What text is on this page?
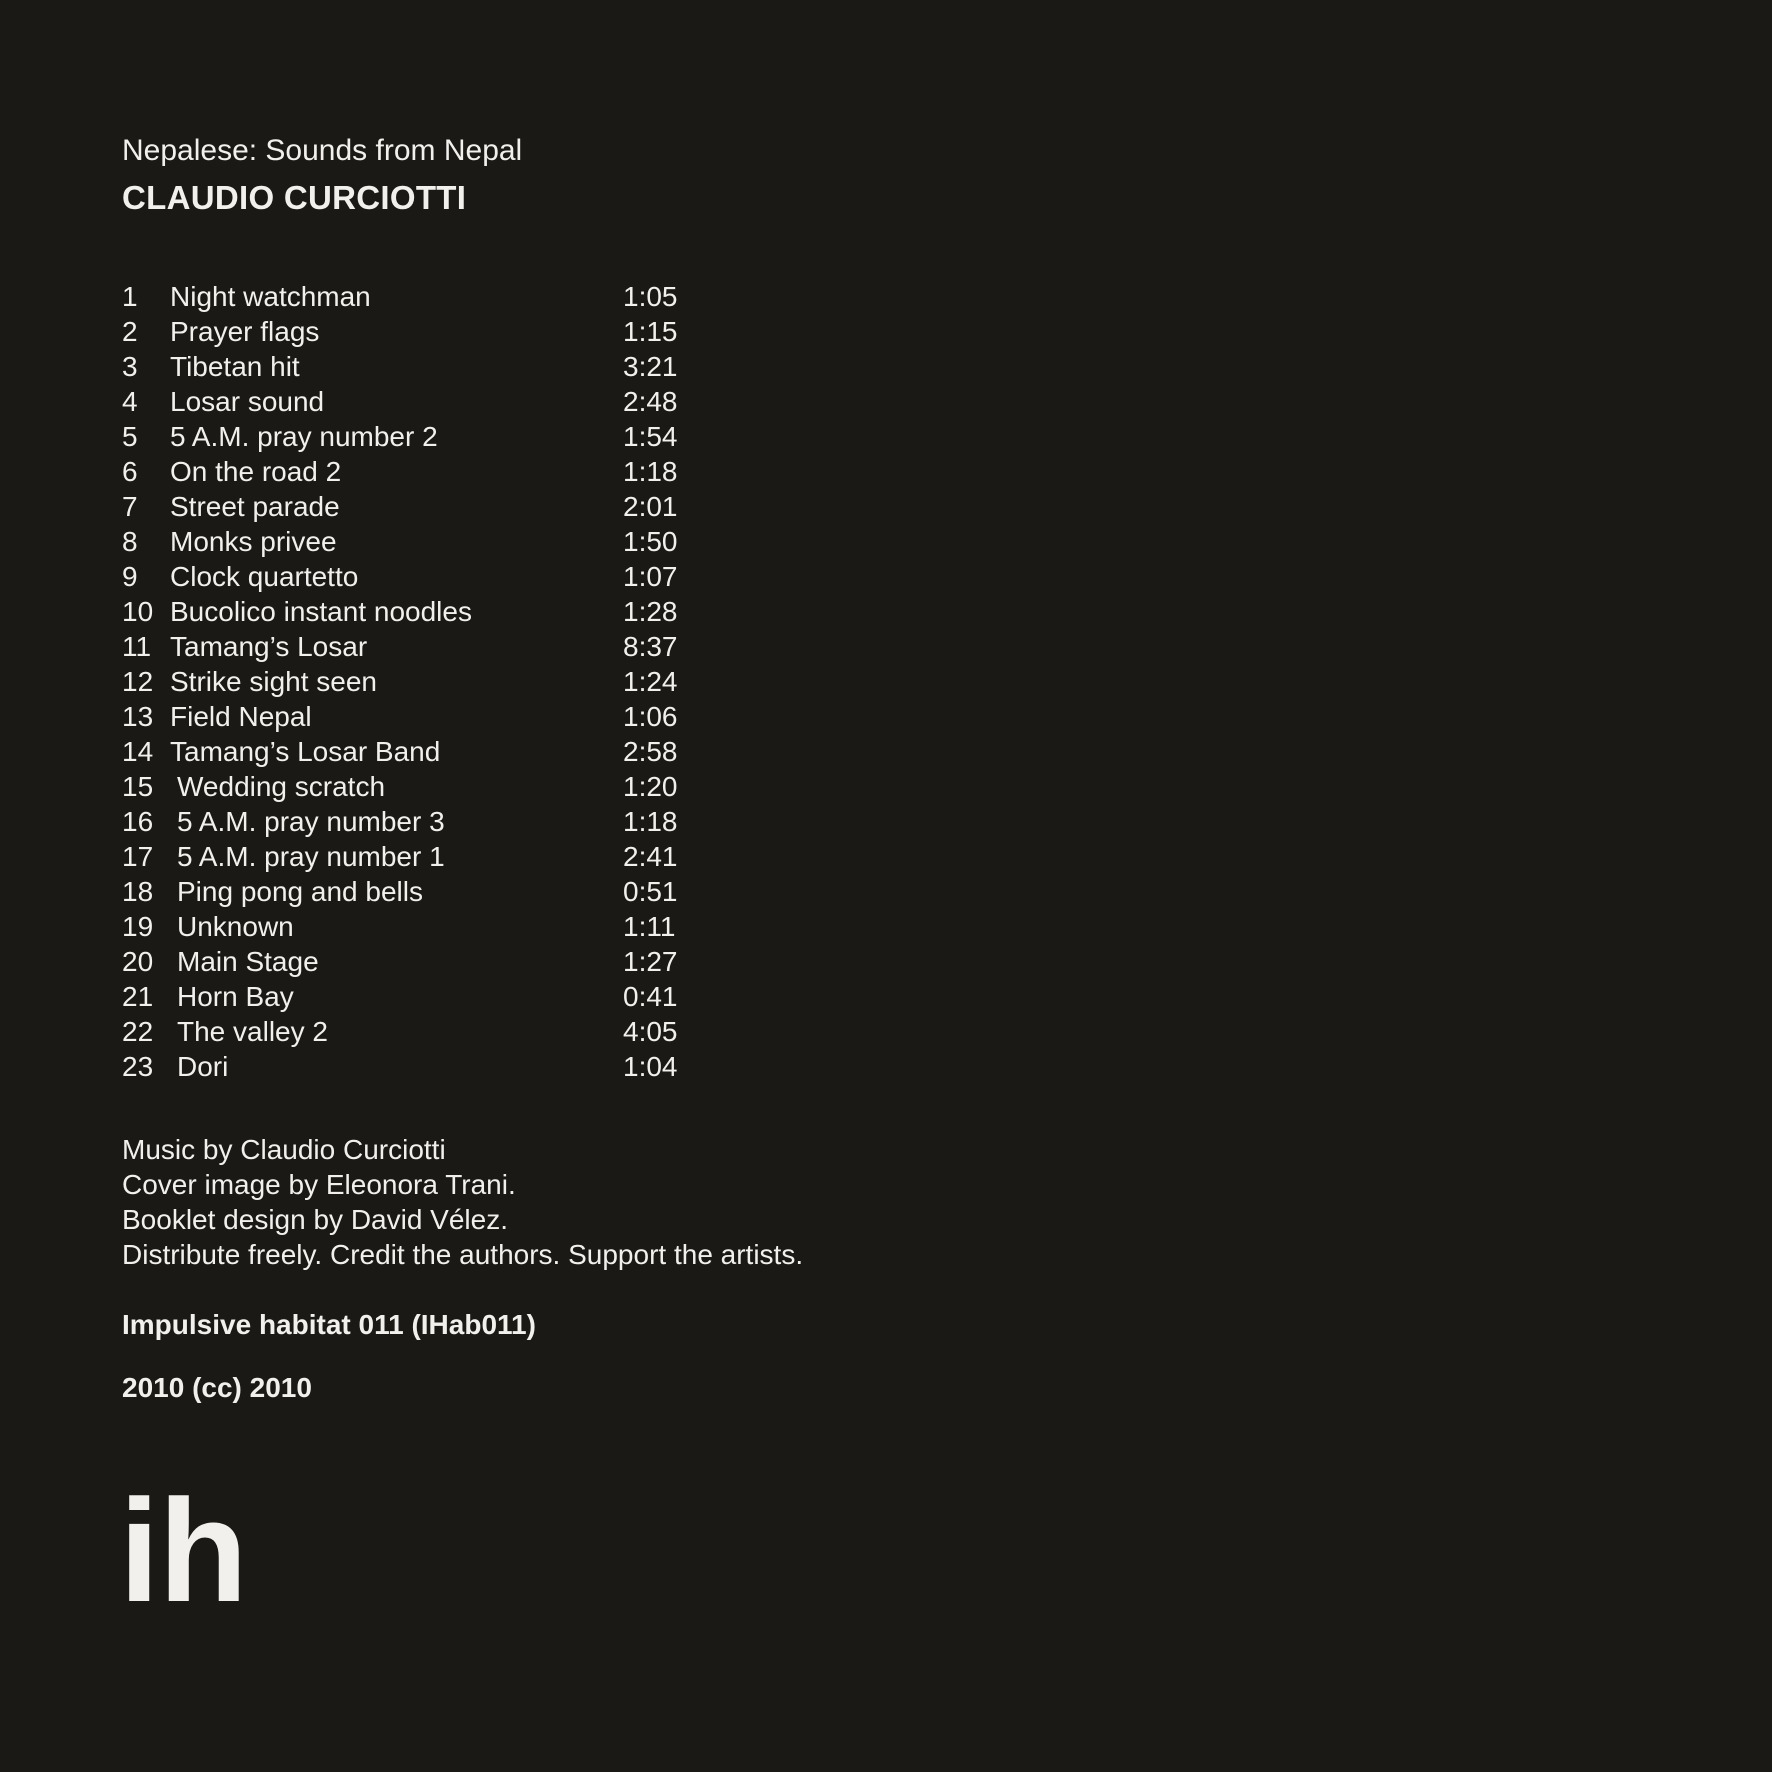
Nepalese: Sounds from Nepal
CLAUDIO CURCIOTTI
1 Night watchman	1:05
2 Prayer flags	1:15
3 Tibetan hit	3:21
4 Losar sound	2:48
5 5 A.M. pray number 2	1:54
6 On the road 2	1:18
7 Street parade	2:01
8 Monks privee	1:50
9 Clock quartetto	1:07
10 Bucolico instant noodles	1:28
11 Tamang’s Losar	8:37
12 Strike sight seen	1:24
13 Field Nepal	1:06
14 Tamang’s Losar Band	2:58
15 Wedding scratch	1:20
16 5 A.M. pray number 3	1:18
17 5 A.M. pray number 1	2:41
18 Ping pong and bells	0:51
19 Unknown	1:11
20 Main Stage	1:27
21 Horn Bay	0:41
22 The valley 2	4:05
23 Dori	1:04
Music by Claudio Curciotti
Cover image by Eleonora Trani.
Booklet design by David Vélez.
Distribute freely. Credit the authors. Support the artists.
Impulsive habitat 011 (IHab011)
2010 (cc) 2010
ih
